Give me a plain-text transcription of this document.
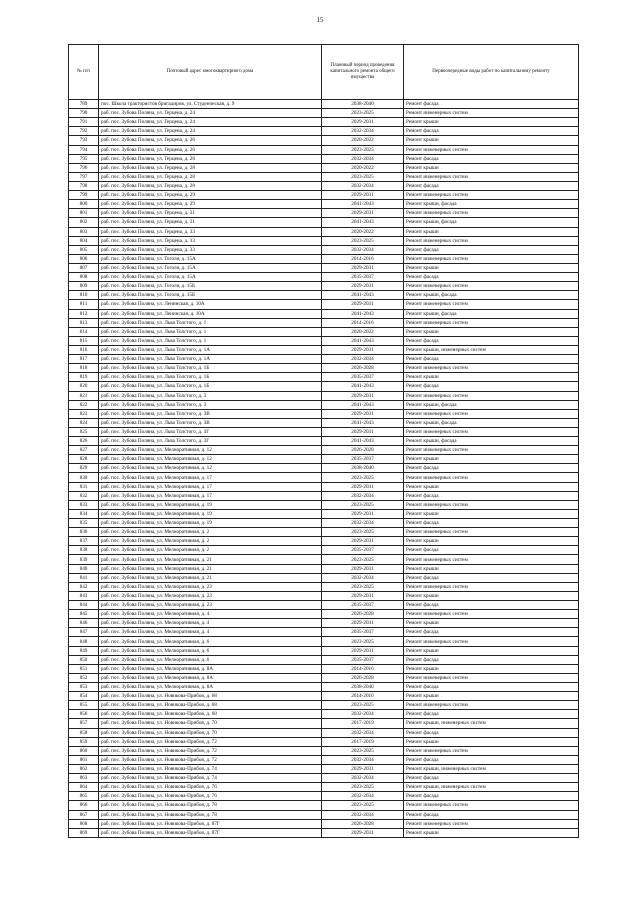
15
№ п/п	Почтовый адрес многоквартирного дома	Плановый период проведения капитального ремонта общего имущества	Первоочередные виды работ по капитальному ремонту
789	пос. Школа трактористов бригадиров, ул. Студенческая, д. 9	2038-2040	Ремонт фасада
790	раб. пос. Зубова Поляна, ул. Герцена, д. 24	2023-2025	Ремонт инженерных систем
791	раб. пос. Зубова Поляна, ул. Герцена, д. 24	2029-2031	Ремонт крыши
792	раб. пос. Зубова Поляна, ул. Герцена, д. 24	2032-2034	Ремонт фасада
793	раб. пос. Зубова Поляна, ул. Герцена, д. 26	2020-2022	Ремонт крыши
794	раб. пос. Зубова Поляна, ул. Герцена, д. 26	2023-2025	Ремонт инженерных систем
795	раб. пос. Зубова Поляна, ул. Герцена, д. 26	2032-2034	Ремонт фасада
796	раб. пос. Зубова Поляна, ул. Герцена, д. 28	2020-2022	Ремонт крыши
797	раб. пос. Зубова Поляна, ул. Герцена, д. 28	2023-2025	Ремонт инженерных систем
798	раб. пос. Зубова Поляна, ул. Герцена, д. 28	2032-2034	Ремонт фасада
799	раб. пос. Зубова Поляна, ул. Герцена, д. 29	2029-2031	Ремонт инженерных систем
800	раб. пос. Зубова Поляна, ул. Герцена, д. 29	2041-2043	Ремонт крыши, фасада
801	раб. пос. Зубова Поляна, ул. Герцена, д. 31	2029-2031	Ремонт инженерных систем
802	раб. пос. Зубова Поляна, ул. Герцена, д. 31	2041-2043	Ремонт крыши, фасада
803	раб. пос. Зубова Поляна, ул. Герцена, д. 33	2020-2022	Ремонт крыши
804	раб. пос. Зубова Поляна, ул. Герцена, д. 33	2023-2025	Ремонт инженерных систем
805	раб. пос. Зубова Поляна, ул. Герцена, д. 33	2032-2034	Ремонт фасада
806	раб. пос. Зубова Поляна, ул. Гоголя, д. 15А	2014-2016	Ремонт инженерных систем
807	раб. пос. Зубова Поляна, ул. Гоголя, д. 15А	2029-2031	Ремонт крыши
808	раб. пос. Зубова Поляна, ул. Гоголя, д. 15А	2035-2037	Ремонт фасада
809	раб. пос. Зубова Поляна, ул. Гоголя, д. 15Б	2029-2031	Ремонт инженерных систем
810	раб. пос. Зубова Поляна, ул. Гоголя, д. 15Б	2041-2043	Ремонт крыши, фасада
811	раб. пос. Зубова Поляна, ул. Ленинская, д. 10А	2029-2031	Ремонт инженерных систем
812	раб. пос. Зубова Поляна, ул. Ленинская, д. 10А	2041-2043	Ремонт крыши, фасада
813	раб. пос. Зубова Поляна, ул. Льва Толстого, д. 1	2014-2016	Ремонт инженерных систем
814	раб. пос. Зубова Поляна, ул. Льва Толстого, д. 1	2020-2022	Ремонт крыши
815	раб. пос. Зубова Поляна, ул. Льва Толстого, д. 1	2041-2043	Ремонт фасада
816	раб. пос. Зубова Поляна, ул. Льва Толстого, д. 1А	2029-2031	Ремонт крыши, инженерных систем
817	раб. пос. Зубова Поляна, ул. Льва Толстого, д. 1А	2032-2034	Ремонт фасада
818	раб. пос. Зубова Поляна, ул. Льва Толстого, д. 1Б	2026-2028	Ремонт инженерных систем
819	раб. пос. Зубова Поляна, ул. Льва Толстого, д. 1Б	2035-2037	Ремонт крыши
820	раб. пос. Зубова Поляна, ул. Льва Толстого, д. 1Б	2041-2043	Ремонт фасада
821	раб. пос. Зубова Поляна, ул. Льва Толстого, д. 3	2029-2031	Ремонт инженерных систем
822	раб. пос. Зубова Поляна, ул. Льва Толстого, д. 3	2041-2043	Ремонт крыши, фасада
823	раб. пос. Зубова Поляна, ул. Льва Толстого, д. 3В	2029-2031	Ремонт инженерных систем
824	раб. пос. Зубова Поляна, ул. Льва Толстого, д. 3В	2041-2043	Ремонт крыши, фасада
825	раб. пос. Зубова Поляна, ул. Льва Толстого, д. 3Г	2029-2031	Ремонт инженерных систем
826	раб. пос. Зубова Поляна, ул. Льва Толстого, д. 3Г	2041-2043	Ремонт крыши, фасада
827	раб. пос. Зубова Поляна, ул. Мелиоративная, д. 12	2026-2028	Ремонт инженерных систем
828	раб. пос. Зубова Поляна, ул. Мелиоративная, д. 12	2035-2037	Ремонт крыши
829	раб. пос. Зубова Поляна, ул. Мелиоративная, д. 12	2038-2040	Ремонт фасада
830	раб. пос. Зубова Поляна, ул. Мелиоративная, д. 17	2023-2025	Ремонт инженерных систем
831	раб. пос. Зубова Поляна, ул. Мелиоративная, д. 17	2029-2031	Ремонт крыши
832	раб. пос. Зубова Поляна, ул. Мелиоративная, д. 17	2032-2034	Ремонт фасада
833	раб. пос. Зубова Поляна, ул. Мелиоративная, д. 19	2023-2025	Ремонт инженерных систем
834	раб. пос. Зубова Поляна, ул. Мелиоративная, д. 19	2029-2031	Ремонт крыши
835	раб. пос. Зубова Поляна, ул. Мелиоративная, д. 19	2032-2034	Ремонт фасада
836	раб. пос. Зубова Поляна, ул. Мелиоративная, д. 2	2023-2025	Ремонт инженерных систем
837	раб. пос. Зубова Поляна, ул. Мелиоративная, д. 2	2029-2031	Ремонт крыши
838	раб. пос. Зубова Поляна, ул. Мелиоративная, д. 2	2035-2037	Ремонт фасада
839	раб. пос. Зубова Поляна, ул. Мелиоративная, д. 21	2023-2025	Ремонт инженерных систем
840	раб. пос. Зубова Поляна, ул. Мелиоративная, д. 21	2029-2031	Ремонт крыши
841	раб. пос. Зубова Поляна, ул. Мелиоративная, д. 21	2032-2034	Ремонт фасада
842	раб. пос. Зубова Поляна, ул. Мелиоративная, д. 23	2023-2025	Ремонт инженерных систем
843	раб. пос. Зубова Поляна, ул. Мелиоративная, д. 23	2029-2031	Ремонт крыши
844	раб. пос. Зубова Поляна, ул. Мелиоративная, д. 23	2035-2037	Ремонт фасада
845	раб. пос. Зубова Поляна, ул. Мелиоративная, д. 4	2026-2028	Ремонт инженерных систем
846	раб. пос. Зубова Поляна, ул. Мелиоративная, д. 4	2029-2031	Ремонт крыши
847	раб. пос. Зубова Поляна, ул. Мелиоративная, д. 4	2035-2037	Ремонт фасада
848	раб. пос. Зубова Поляна, ул. Мелиоративная, д. 6	2023-2025	Ремонт инженерных систем
849	раб. пос. Зубова Поляна, ул. Мелиоративная, д. 6	2029-2031	Ремонт крыши
850	раб. пос. Зубова Поляна, ул. Мелиоративная, д. 6	2035-2037	Ремонт фасада
851	раб. пос. Зубова Поляна, ул. Мелиоративная, д. 8А	2014-2016	Ремонт крыши
852	раб. пос. Зубова Поляна, ул. Мелиоративная, д. 8А	2026-2028	Ремонт инженерных систем
853	раб. пос. Зубова Поляна, ул. Мелиоративная, д. 8А	2038-2040	Ремонт фасада
854	раб. пос. Зубова Поляна, ул. Новикова-Прибоя, д. 68	2014-2016	Ремонт крыши
855	раб. пос. Зубова Поляна, ул. Новикова-Прибоя, д. 68	2023-2025	Ремонт инженерных систем
856	раб. пос. Зубова Поляна, ул. Новикова-Прибоя, д. 68	2032-2034	Ремонт фасада
857	раб. пос. Зубова Поляна, ул. Новикова-Прибоя, д. 70	2017-2019	Ремонт крыши, инженерных систем
858	раб. пос. Зубова Поляна, ул. Новикова-Прибоя, д. 70	2032-2034	Ремонт фасада
859	раб. пос. Зубова Поляна, ул. Новикова-Прибоя, д. 72	2017-2019	Ремонт крыши
860	раб. пос. Зубова Поляна, ул. Новикова-Прибоя, д. 72	2023-2025	Ремонт инженерных систем
861	раб. пос. Зубова Поляна, ул. Новикова-Прибоя, д. 72	2032-2034	Ремонт фасада
862	раб. пос. Зубова Поляна, ул. Новикова-Прибоя, д. 74	2029-2031	Ремонт крыши, инженерных систем
863	раб. пос. Зубова Поляна, ул. Новикова-Прибоя, д. 74	2032-2034	Ремонт фасада
864	раб. пос. Зубова Поляна, ул. Новикова-Прибоя, д. 76	2023-2025	Ремонт крыши, инженерных систем
865	раб. пос. Зубова Поляна, ул. Новикова-Прибоя, д. 76	2032-2034	Ремонт фасада
866	раб. пос. Зубова Поляна, ул. Новикова-Прибоя, д. 78	2023-2025	Ремонт инженерных систем
867	раб. пос. Зубова Поляна, ул. Новикова-Прибоя, д. 78	2032-2034	Ремонт фасада
868	раб. пос. Зубова Поляна, ул. Новикова-Прибоя, д. 87Г	2026-2028	Ремонт инженерных систем
869	раб. пос. Зубова Поляна, ул. Новикова-Прибоя, д. 87Г	2029-2031	Ремонт крыши
